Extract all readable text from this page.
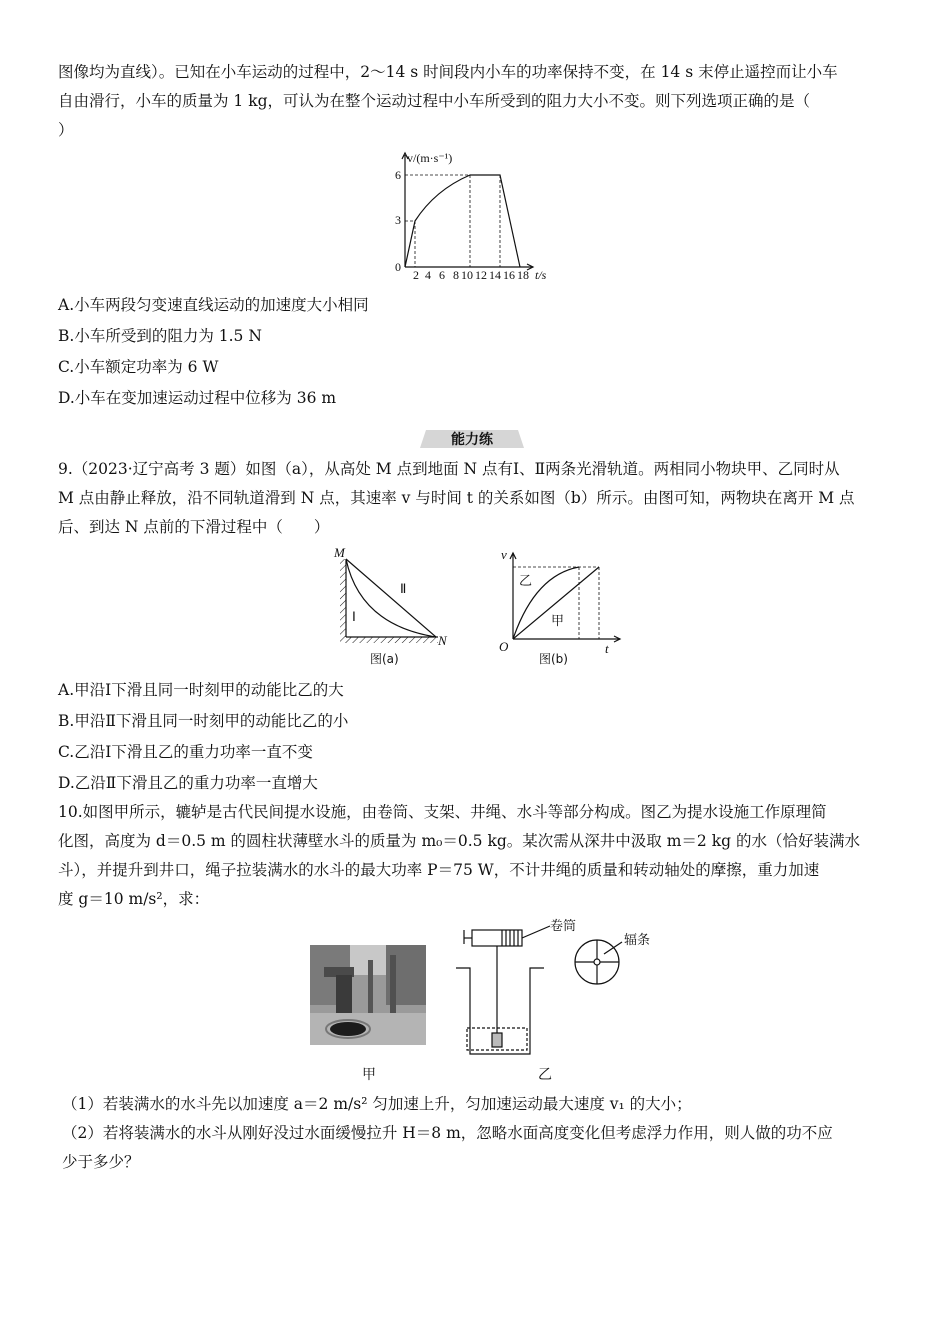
图像均为直线）。已知在小车运动的过程中，2～14 s 时间段内小车的功率保持不变，在 14 s 末停止遥控而让小车

自由滑行，小车的质量为 1 kg，可认为在整个运动过程中小车所受到的阻力大小不变。则下列选项正确的是（

）

v/(m·s⁻¹)
t/s
0
3
6
2 4 6 8 10 12 14 16 18

A.小车两段匀变速直线运动的加速度大小相同

B.小车所受到的阻力为 1.5 N

C.小车额定功率为 6 W

D.小车在变加速运动过程中位移为 36 m

能力练

9.（2023·辽宁高考 3 题）如图（a），从高处 M 点到地面 N 点有Ⅰ、Ⅱ两条光滑轨道。两相同小物块甲、乙同时从

M 点由静止释放，沿不同轨道滑到 N 点，其速率 v 与时间 t 的关系如图（b）所示。由图可知，两物块在离开 M 点

后、到达 N 点前的下滑过程中（　　）

M
N
Ⅰ
Ⅱ
图(a)
v
t
O
乙
甲
图(b)

A.甲沿Ⅰ下滑且同一时刻甲的动能比乙的大

B.甲沿Ⅱ下滑且同一时刻甲的动能比乙的小

C.乙沿Ⅰ下滑且乙的重力功率一直不变

D.乙沿Ⅱ下滑且乙的重力功率一直增大

10.如图甲所示，辘轳是古代民间提水设施，由卷筒、支架、井绳、水斗等部分构成。图乙为提水设施工作原理简

化图，高度为 d＝0.5 m 的圆柱状薄壁水斗的质量为 m₀＝0.5 kg。某次需从深井中汲取 m＝2 kg 的水（恰好装满水

斗），并提升到井口，绳子拉装满水的水斗的最大功率 P＝75 W，不计井绳的质量和转动轴处的摩擦，重力加速

度 g＝10 m/s²，求：

甲
卷筒
辐条
乙

（1）若装满水的水斗先以加速度 a＝2 m/s² 匀加速上升，匀加速运动最大速度 v₁ 的大小；

（2）若将装满水的水斗从刚好没过水面缓慢拉升 H＝8 m，忽略水面高度变化但考虑浮力作用，则人做的功不应

少于多少？
